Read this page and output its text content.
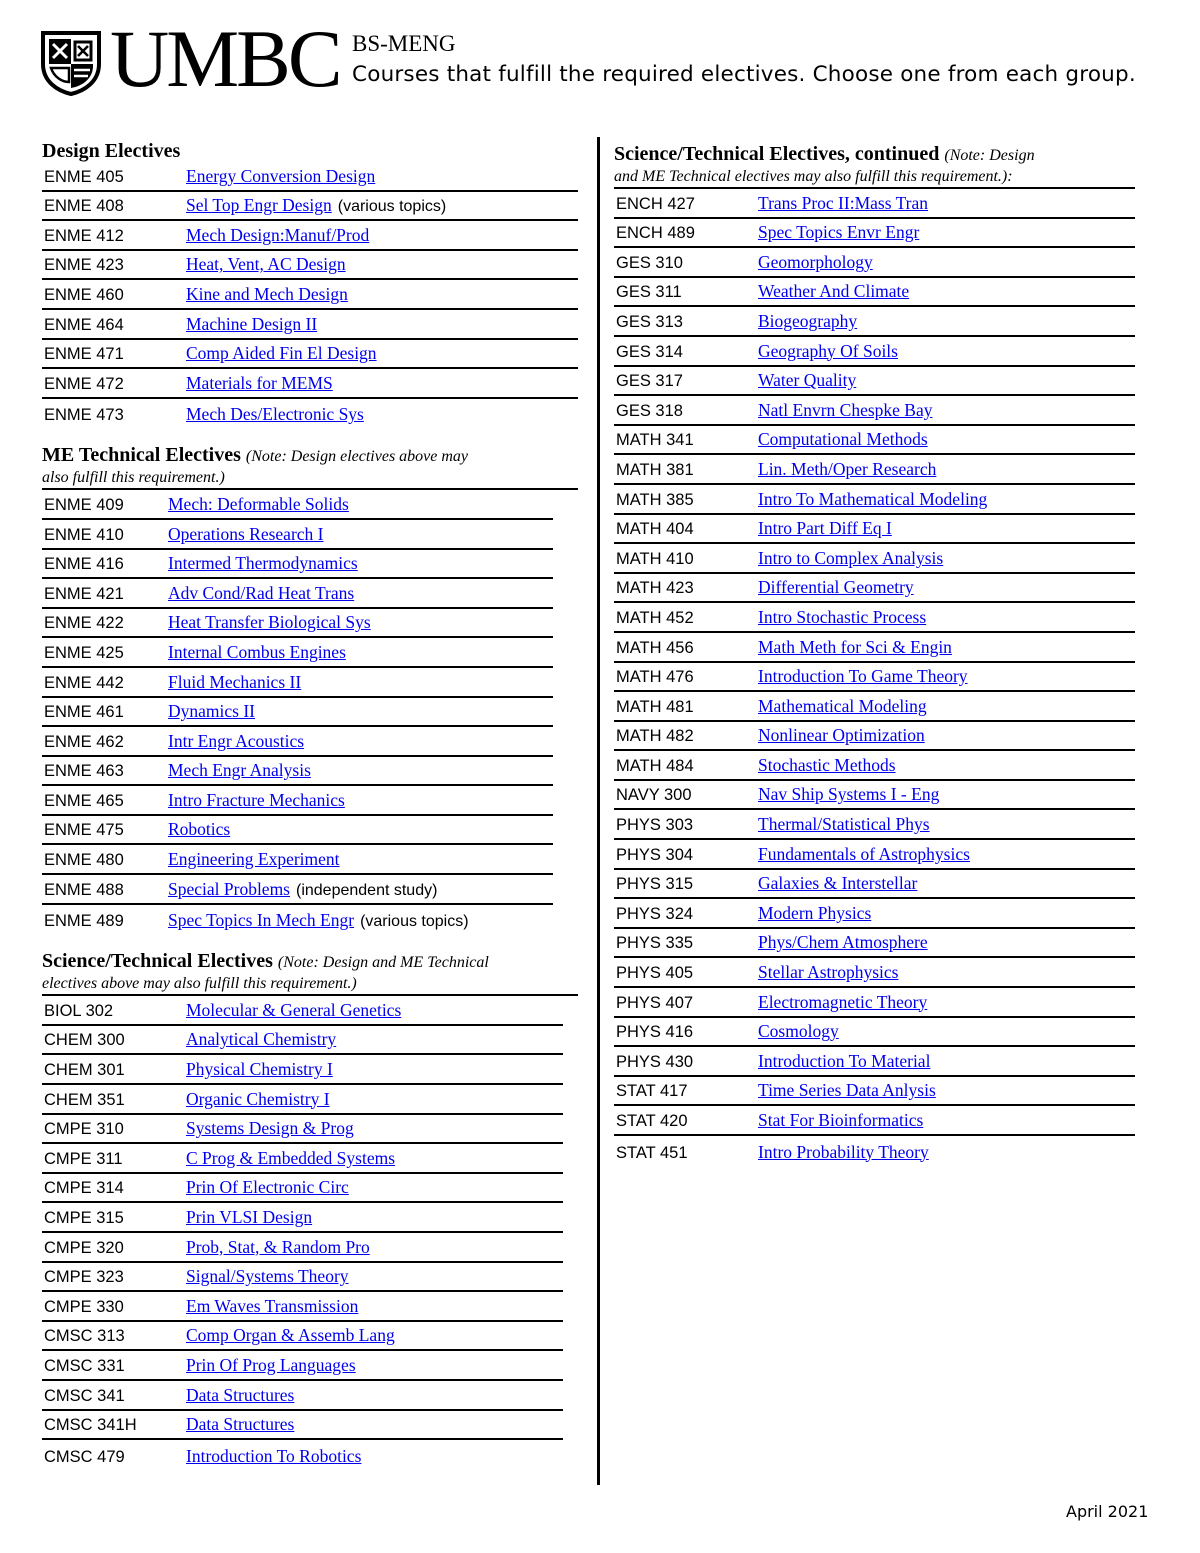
UMBC BS-MENG
Courses that fulfill the required electives. Choose one from each group.
Design Electives
ENME 405	Energy Conversion Design
ENME 408	Sel Top Engr Design (various topics)
ENME 412	Mech Design:Manuf/Prod
ENME 423	Heat, Vent, AC Design
ENME 460	Kine and Mech Design
ENME 464	Machine Design II
ENME 471	Comp Aided Fin El Design
ENME 472	Materials for MEMS
ENME 473	Mech Des/Electronic Sys
ME Technical Electives (Note: Design electives above may
also fulfill this requirement.)
ENME 409	Mech: Deformable Solids
ENME 410	Operations Research I
ENME 416	Intermed Thermodynamics
ENME 421	Adv Cond/Rad Heat Trans
ENME 422	Heat Transfer Biological Sys
ENME 425	Internal Combus Engines
ENME 442	Fluid Mechanics II
ENME 461	Dynamics II
ENME 462	Intr Engr Acoustics
ENME 463	Mech Engr Analysis
ENME 465	Intro Fracture Mechanics
ENME 475	Robotics
ENME 480	Engineering Experiment
ENME 488	Special Problems (independent study)
ENME 489	Spec Topics In Mech Engr (various topics)
Science/Technical Electives (Note: Design and ME Technical
electives above may also fulfill this requirement.)
BIOL 302	Molecular & General Genetics
CHEM 300	Analytical Chemistry
CHEM 301	Physical Chemistry I
CHEM 351	Organic Chemistry I
CMPE 310	Systems Design & Prog
CMPE 311	C Prog & Embedded Systems
CMPE 314	Prin Of Electronic Circ
CMPE 315	Prin VLSI Design
CMPE 320	Prob, Stat, & Random Pro
CMPE 323	Signal/Systems Theory
CMPE 330	Em Waves Transmission
CMSC 313	Comp Organ & Assemb Lang
CMSC 331	Prin Of Prog Languages
CMSC 341	Data Structures
CMSC 341H	Data Structures
CMSC 479	Introduction To Robotics
Science/Technical Electives, continued (Note: Design
and ME Technical electives may also fulfill this requirement.):
ENCH 427	Trans Proc II:Mass Tran
ENCH 489	Spec Topics Envr Engr
GES 310	Geomorphology
GES 311	Weather And Climate
GES 313	Biogeography
GES 314	Geography Of Soils
GES 317	Water Quality
GES 318	Natl Envrn Chespke Bay
MATH 341	Computational Methods
MATH 381	Lin. Meth/Oper Research
MATH 385	Intro To Mathematical Modeling
MATH 404	Intro Part Diff Eq I
MATH 410	Intro to Complex Analysis
MATH 423	Differential Geometry
MATH 452	Intro Stochastic Process
MATH 456	Math Meth for Sci & Engin
MATH 476	Introduction To Game Theory
MATH 481	Mathematical Modeling
MATH 482	Nonlinear Optimization
MATH 484	Stochastic Methods
NAVY 300	Nav Ship Systems I - Eng
PHYS 303	Thermal/Statistical Phys
PHYS 304	Fundamentals of Astrophysics
PHYS 315	Galaxies & Interstellar
PHYS 324	Modern Physics
PHYS 335	Phys/Chem Atmosphere
PHYS 405	Stellar Astrophysics
PHYS 407	Electromagnetic Theory
PHYS 416	Cosmology
PHYS 430	Introduction To Material
STAT 417	Time Series Data Anlysis
STAT 420	Stat For Bioinformatics
STAT 451	Intro Probability Theory
April 2021
